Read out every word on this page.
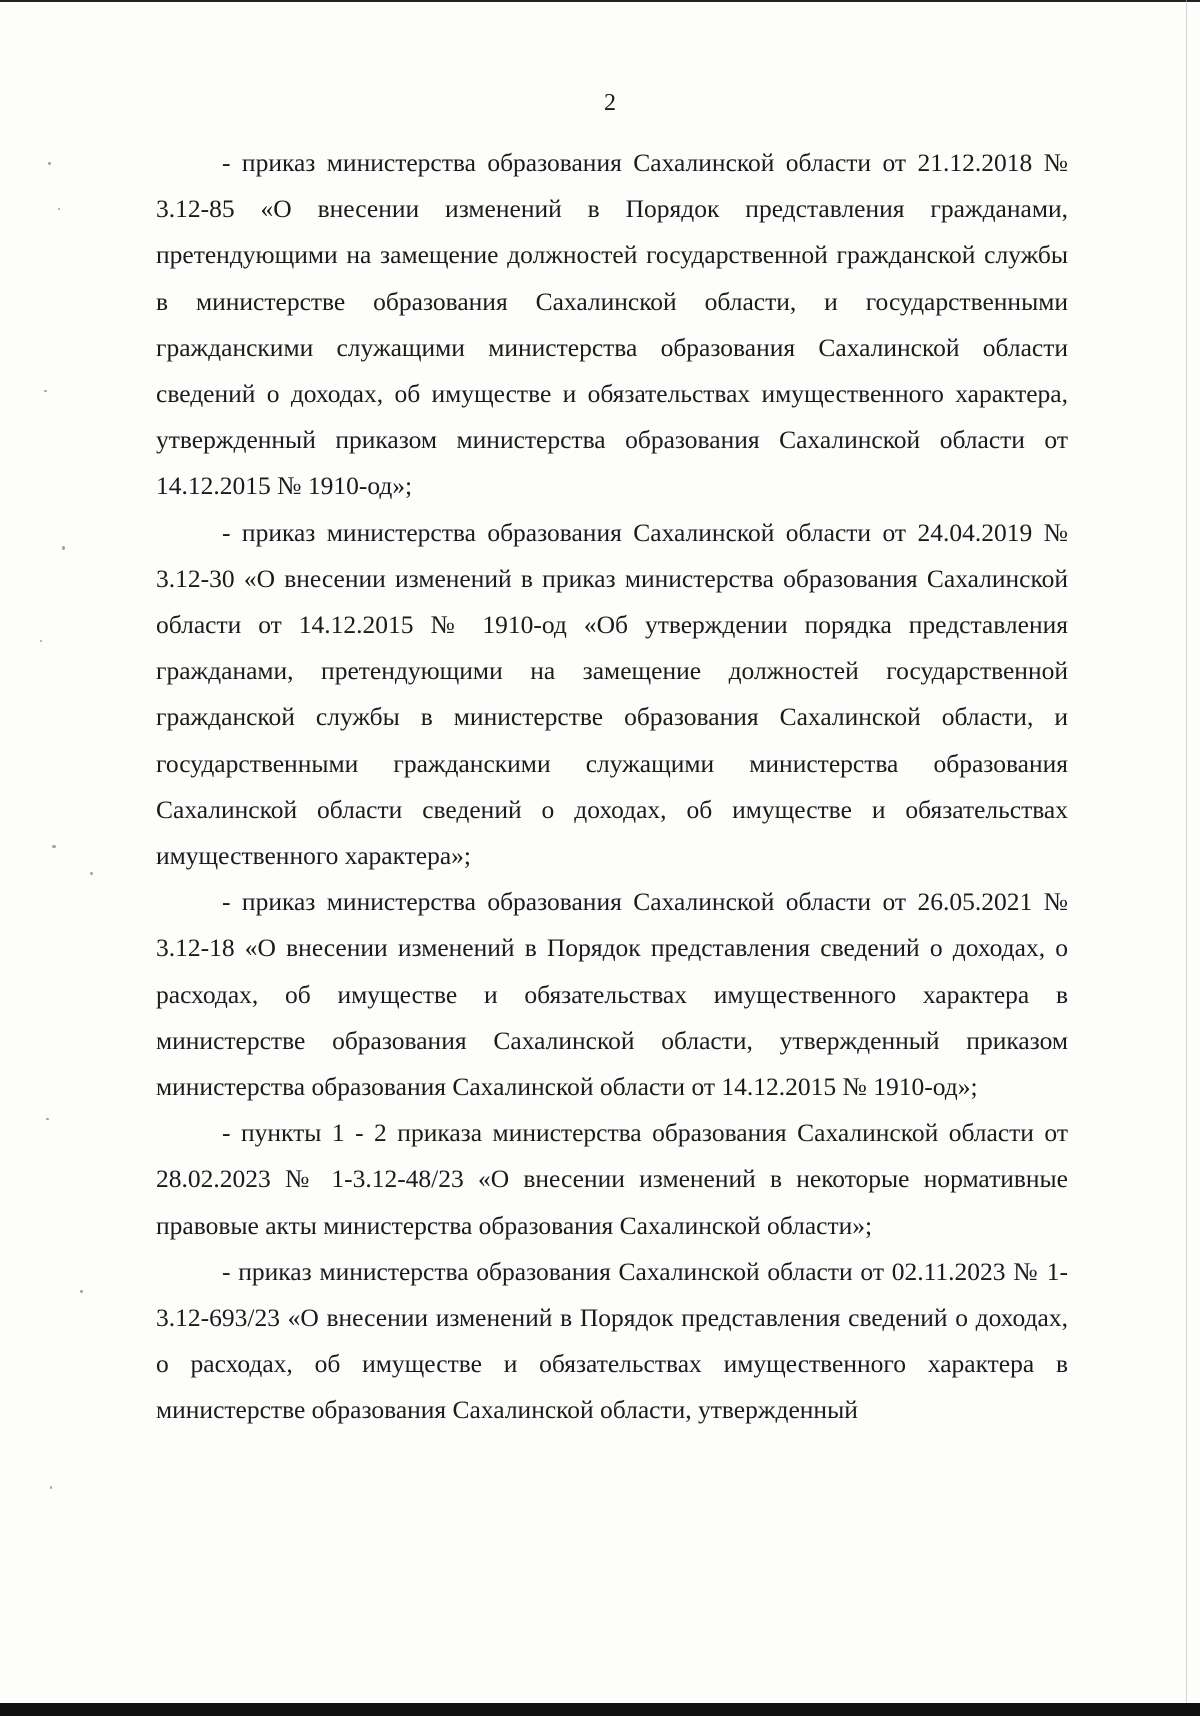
2

- приказ министерства образования Сахалинской области от 21.12.2018 № 3.12-85 «О внесении изменений в Порядок представления гражданами, претендующими на замещение должностей государственной гражданской службы в министерстве образования Сахалинской области, и государственными гражданскими служащими министерства образования Сахалинской области сведений о доходах, об имуществе и обязательствах имущественного характера, утвержденный приказом министерства образования Сахалинской области от 14.12.2015 № 1910-од»;

- приказ министерства образования Сахалинской области от 24.04.2019 № 3.12-30 «О внесении изменений в приказ министерства образования Сахалинской области от 14.12.2015 № 1910-од «Об утверждении порядка представления гражданами, претендующими на замещение должностей государственной гражданской службы в министерстве образования Сахалинской области, и государственными гражданскими служащими министерства образования Сахалинской области сведений о доходах, об имуществе и обязательствах имущественного характера»;

- приказ министерства образования Сахалинской области от 26.05.2021 № 3.12-18 «О внесении изменений в Порядок представления сведений о доходах, о расходах, об имуществе и обязательствах имущественного характера в министерстве образования Сахалинской области, утвержденный приказом министерства образования Сахалинской области от 14.12.2015 № 1910-од»;

- пункты 1 - 2 приказа министерства образования Сахалинской области от 28.02.2023 № 1-3.12-48/23 «О внесении изменений в некоторые нормативные правовые акты министерства образования Сахалинской области»;

- приказ министерства образования Сахалинской области от 02.11.2023 № 1-3.12-693/23 «О внесении изменений в Порядок представления сведений о доходах, о расходах, об имуществе и обязательствах имущественного характера в министерстве образования Сахалинской области, утвержденный
